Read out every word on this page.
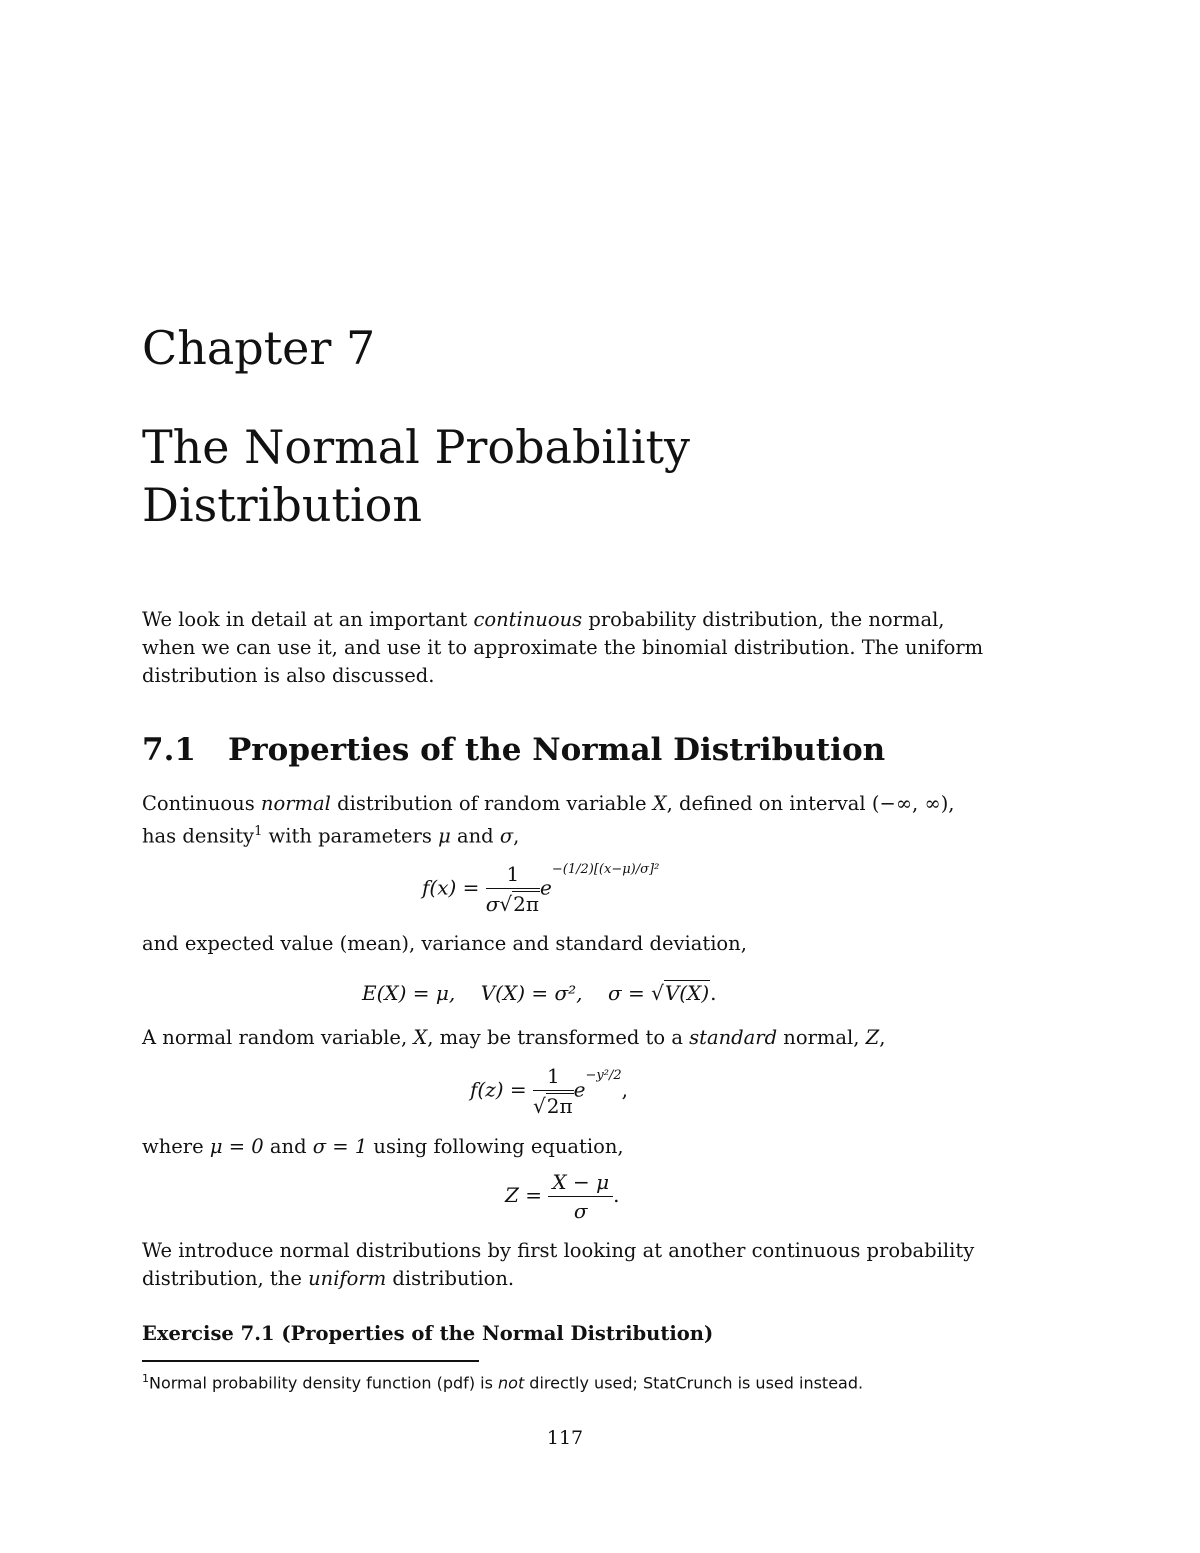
Chapter 7
The Normal Probability Distribution
We look in detail at an important continuous probability distribution, the normal, when we can use it, and use it to approximate the binomial distribution. The uniform distribution is also discussed.
7.1 Properties of the Normal Distribution
Continuous normal distribution of random variable X, defined on interval (−∞, ∞),
has density$^1$ with parameters μ and σ,
$f(x) = \frac{1}{\sigma√2\pi} e^{-(1/2)[(x-\mu)/\sigma]^2}$
and expected value (mean), variance and standard deviation,
E(X) = μ, V(X) = σ², σ = √V(X).
A normal random variable, X, may be transformed to a standard normal, Z,
$f(z) = \frac{1}{√2\pi} e^{-y^2/2}$,
where μ = 0 and σ = 1 using following equation,
$Z = \frac{X - \mu}{\sigma}$ .
We introduce normal distributions by first looking at another continuous probability
distribution, the uniform distribution.
Exercise 7.1 (Properties of the Normal Distribution)
$^1$Normal probability density function (pdf) is not directly used; StatCrunch is used instead.
117
